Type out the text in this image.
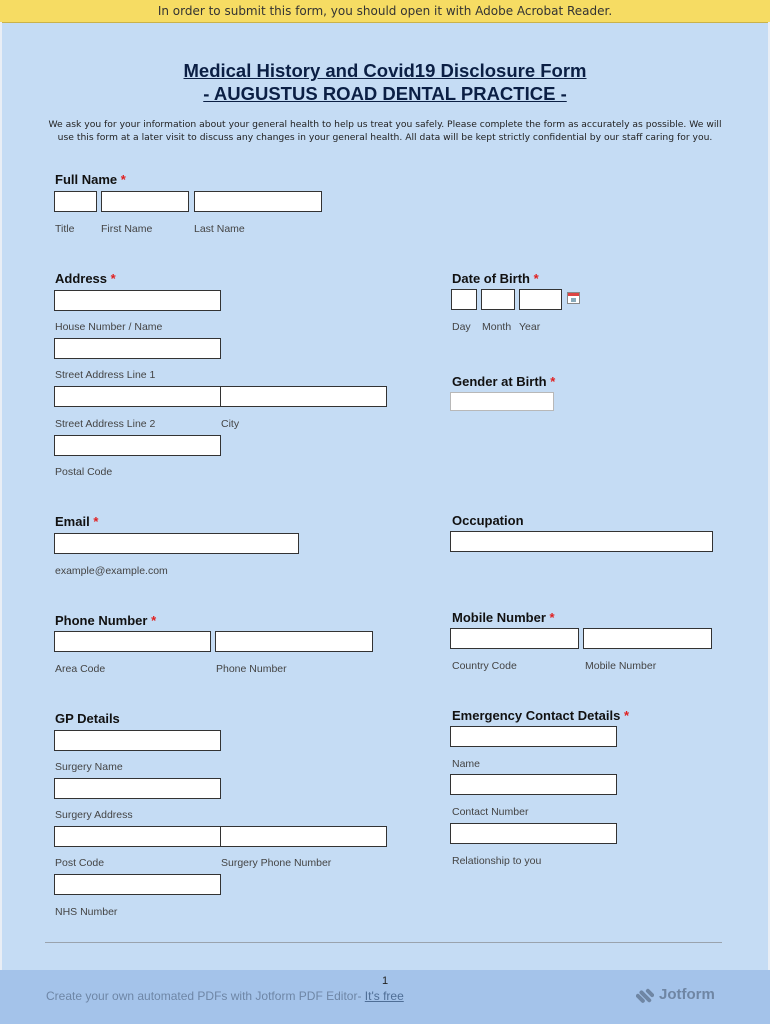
In order to submit this form, you should open it with Adobe Acrobat Reader.
Medical History and Covid19 Disclosure Form
- AUGUSTUS ROAD DENTAL PRACTICE -
We ask you for your information about your general health to help us treat you safely. Please complete the form as accurately as possible. We will use this form at a later visit to discuss any changes in your general health. All data will be kept strictly confidential by our staff caring for you.
Full Name *
Title	First Name	Last Name
Address *
House Number / Name
Street Address Line 1
Street Address Line 2	City
Postal Code
Date of Birth *
Day Month Year
Gender at Birth *
Email *
example@example.com
Occupation
Phone Number *
Area Code	Phone Number
Mobile Number *
Country Code	Mobile Number
GP Details
Surgery Name
Surgery Address
Post Code	Surgery Phone Number
NHS Number
Emergency Contact Details *
Name
Contact Number
Relationship to you
1
Create your own automated PDFs with Jotform PDF Editor- It's free	Jotform
